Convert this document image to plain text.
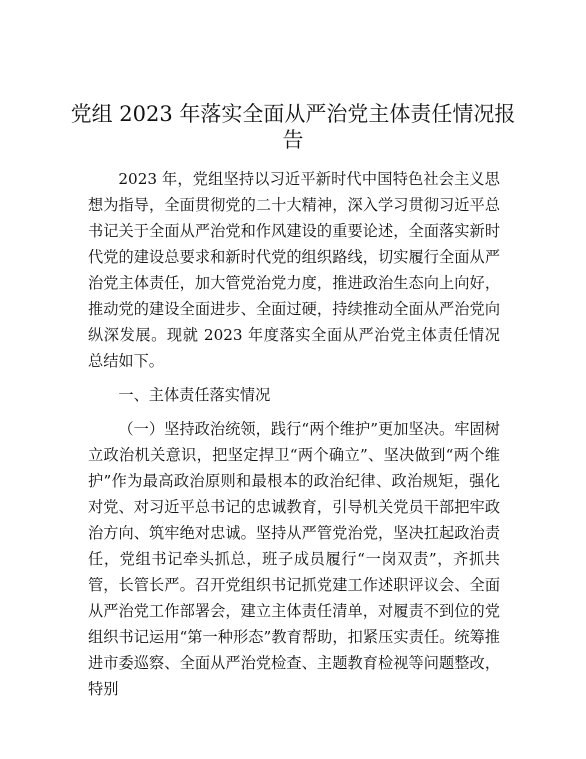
党组 2023 年落实全面从严治党主体责任情况报
告

2023 年，党组坚持以习近平新时代中国特色社会主义思想为指导，全面贯彻党的二十大精神，深入学习贯彻习近平总书记关于全面从严治党和作风建设的重要论述，全面落实新时代党的建设总要求和新时代党的组织路线，切实履行全面从严治党主体责任，加大管党治党力度，推进政治生态向上向好，推动党的建设全面进步、全面过硬，持续推动全面从严治党向纵深发展。现就 2023 年度落实全面从严治党主体责任情况总结如下。

一、主体责任落实情况

（一）坚持政治统领，践行“两个维护”更加坚决。牢固树立政治机关意识，把坚定捍卫“两个确立”、坚决做到“两个维护”作为最高政治原则和最根本的政治纪律、政治规矩，强化对党、对习近平总书记的忠诚教育，引导机关党员干部把牢政治方向、筑牢绝对忠诚。坚持从严管党治党，坚决扛起政治责任，党组书记牵头抓总，班子成员履行“一岗双责”，齐抓共管，长管长严。召开党组织书记抓党建工作述职评议会、全面从严治党工作部署会，建立主体责任清单，对履责不到位的党组织书记运用“第一种形态”教育帮助，扣紧压实责任。统筹推进市委巡察、全面从严治党检查、主题教育检视等问题整改，特别
